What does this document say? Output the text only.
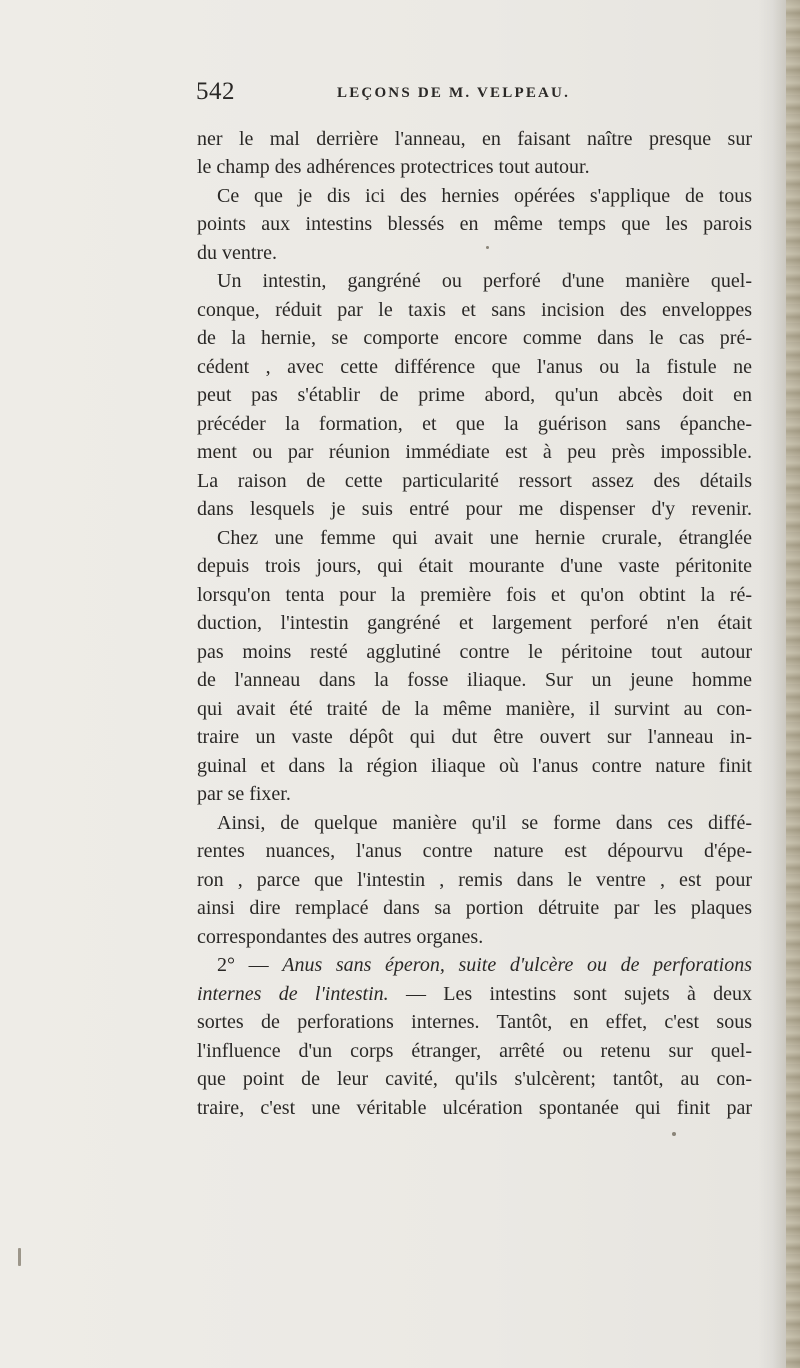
542	LEÇONS DE M. VELPEAU.
ner le mal derrière l'anneau, en faisant naître presque sur
le champ des adhérences protectrices tout autour.
Ce que je dis ici des hernies opérées s'applique de tous
points aux intestins blessés en même temps que les parois
du ventre.
Un intestin, gangréné ou perforé d'une manière quel-
conque, réduit par le taxis et sans incision des enveloppes
de la hernie, se comporte encore comme dans le cas pré-
cédent , avec cette différence que l'anus ou la fistule ne
peut pas s'établir de prime abord, qu'un abcès doit en
précéder la formation, et que la guérison sans épanche-
ment ou par réunion immédiate est à peu près impossible.
La raison de cette particularité ressort assez des détails
dans lesquels je suis entré pour me dispenser d'y revenir.
Chez une femme qui avait une hernie crurale, étranglée
depuis trois jours, qui était mourante d'une vaste péritonite
lorsqu'on tenta pour la première fois et qu'on obtint la ré-
duction, l'intestin gangréné et largement perforé n'en était
pas moins resté agglutiné contre le péritoine tout autour
de l'anneau dans la fosse iliaque. Sur un jeune homme
qui avait été traité de la même manière, il survint au con-
traire un vaste dépôt qui dut être ouvert sur l'anneau in-
guinal et dans la région iliaque où l'anus contre nature finit
par se fixer.
Ainsi, de quelque manière qu'il se forme dans ces diffé-
rentes nuances, l'anus contre nature est dépourvu d'épe-
ron , parce que l'intestin , remis dans le ventre , est pour
ainsi dire remplacé dans sa portion détruite par les plaques
correspondantes des autres organes.
2° — Anus sans éperon, suite d'ulcère ou de perforations
internes de l'intestin. — Les intestins sont sujets à deux
sortes de perforations internes. Tantôt, en effet, c'est sous
l'influence d'un corps étranger, arrêté ou retenu sur quel-
que point de leur cavité, qu'ils s'ulcèrent; tantôt, au con-
traire, c'est une véritable ulcération spontanée qui finit par
